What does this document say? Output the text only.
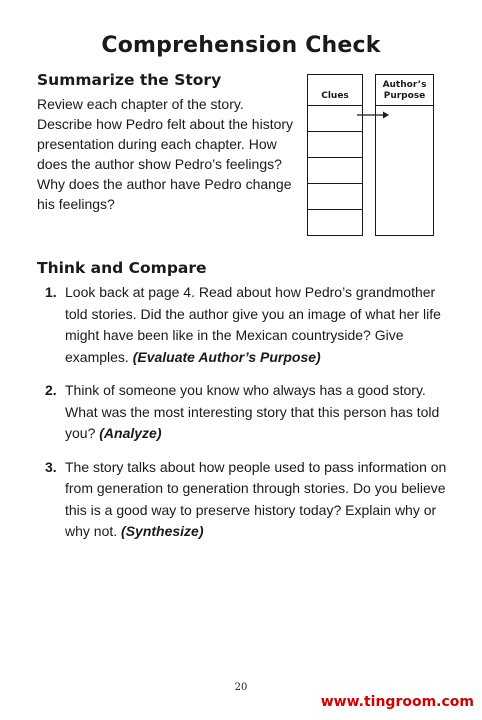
Comprehension Check
Summarize the Story
Review each chapter of the story. Describe how Pedro felt about the history presentation during each chapter. How does the author show Pedro’s feelings? Why does the author have Pedro change his feelings?
Clues
Author’s Purpose
Think and Compare
1. Look back at page 4. Read about how Pedro’s grandmother told stories. Did the author give you an image of what her life might have been like in the Mexican countryside? Give examples. (Evaluate Author’s Purpose)
2. Think of someone you know who always has a good story. What was the most interesting story that this person has told you? (Analyze)
3. The story talks about how people used to pass information on from generation to generation through stories. Do you believe this is a good way to preserve history today? Explain why or why not. (Synthesize)
20
www.tingroom.com
